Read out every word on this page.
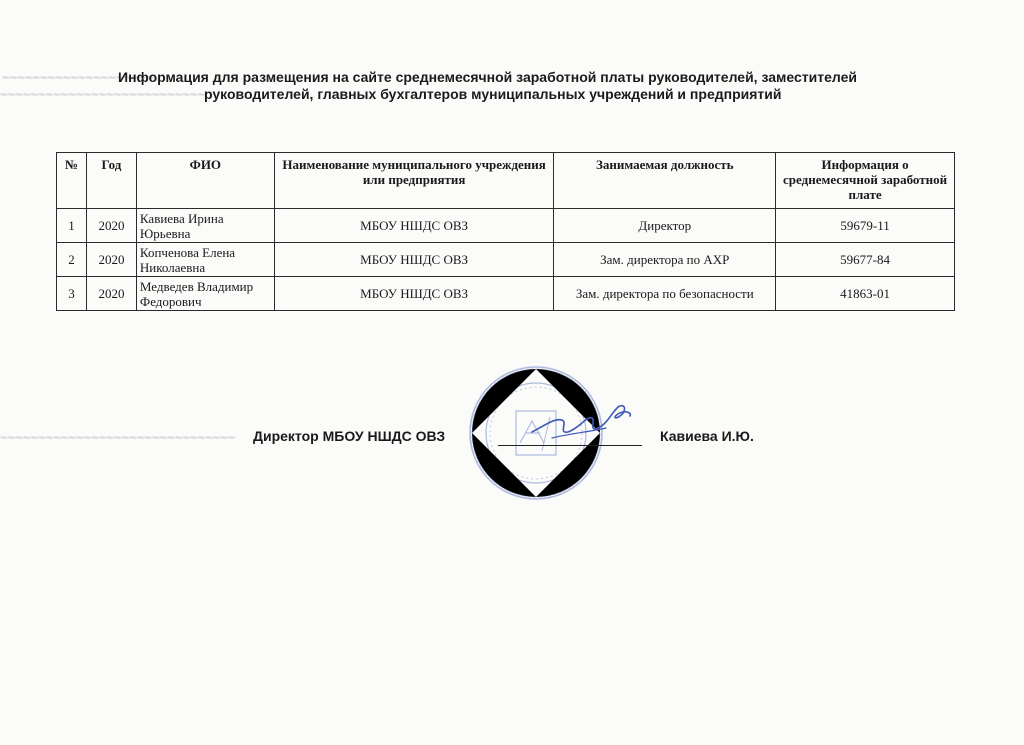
~~~~~~~~~~~~~~~~~~~~
~~~~~~~~~~~~~~~~~~~~~~~~~~~
~~~~~~~~~~~~~~~~~~~~~~~~~~~~~~~
Информация для размещения на сайте среднемесячной заработной платы руководителей, заместителей
руководителей, главных бухгалтеров муниципальных учреждений и предприятий
№	Год	ФИО	Наименование муниципального учреждения или предприятия	Занимаемая должность	Информация о среднемесячной заработной плате
1	2020	Кавиева Ирина Юрьевна	МБОУ НШДС ОВЗ	Директор	59679-11
2	2020	Копченова Елена Николаевна	МБОУ НШДС ОВЗ	Зам. директора по АХР	59677-84
3	2020	Медведев Владимир Федорович	МБОУ НШДС ОВЗ	Зам. директора по безопасности	41863-01
Директор МБОУ НШДС ОВЗ	Кавиева И.Ю.
